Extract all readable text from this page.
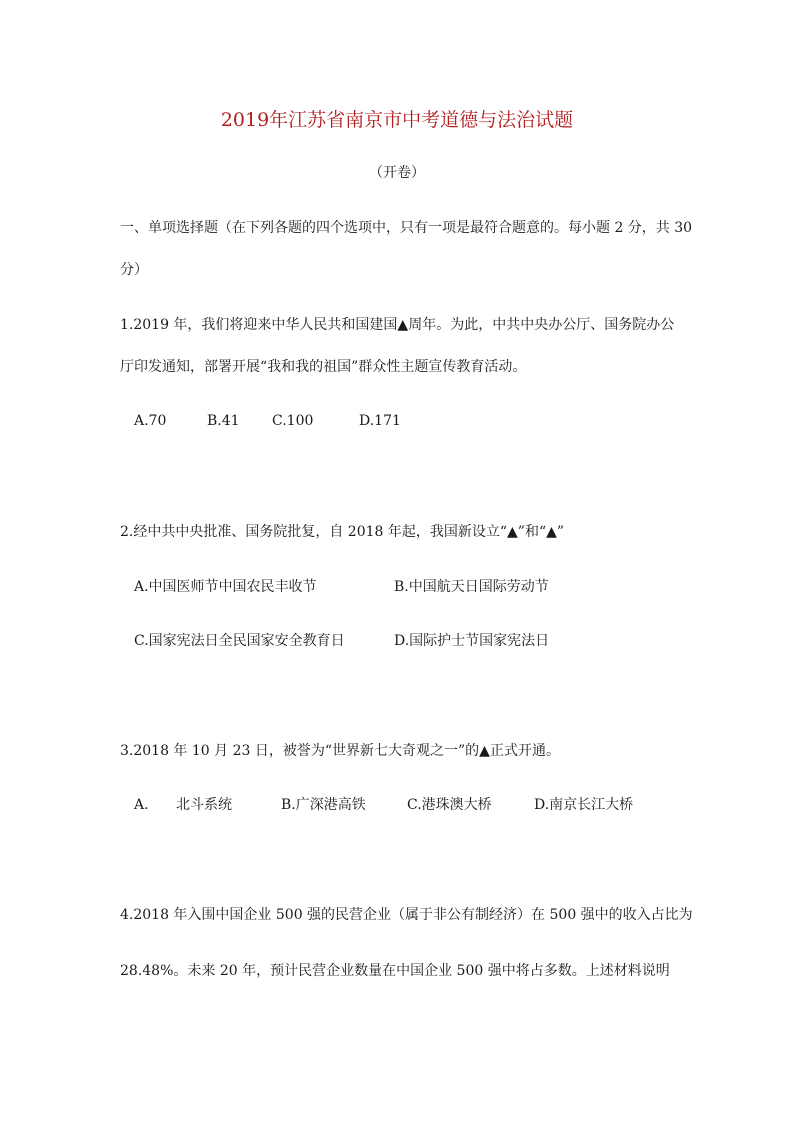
2019年江苏省南京市中考道德与法治试题
（开卷）
一、单项选择题（在下列各题的四个选项中，只有一项是最符合题意的。每小题 2 分，共 30
分）
1.2019 年，我们将迎来中华人民共和国建国▲周年。为此，中共中央办公厅、国务院办公
厅印发通知，部署开展“我和我的祖国”群众性主题宣传教育活动。
A.70	B.41 C.100	D.171
2.经中共中央批准、国务院批复，自 2018 年起，我国新设立“▲”和“▲”
A.中国医师节中国农民丰收节	B.中国航天日国际劳动节
C.国家宪法日全民国家安全教育日	D.国际护士节国家宪法日
3.2018 年 10 月 23 日，被誉为“世界新七大奇观之一”的▲正式开通。
A. 北斗系统	B.广深港高铁	C.港珠澳大桥	D.南京长江大桥
4.2018 年入围中国企业 500 强的民营企业（属于非公有制经济）在 500 强中的收入占比为
28.48%。未来 20 年，预计民营企业数量在中国企业 500 强中将占多数。上述材料说明
